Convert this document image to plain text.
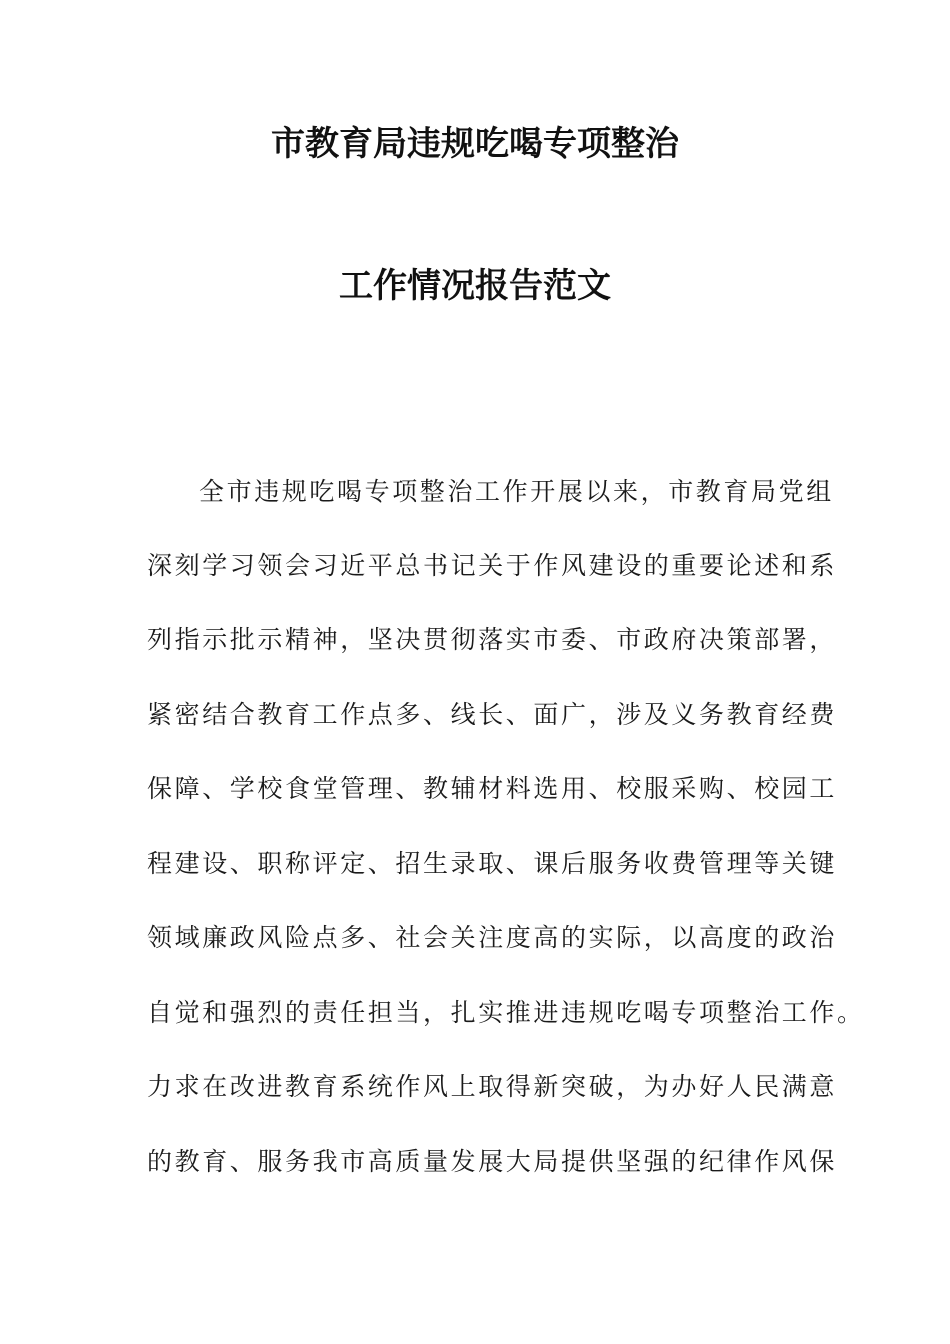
市教育局违规吃喝专项整治
工作情况报告范文

全市违规吃喝专项整治工作开展以来，市教育局党组

深刻学习领会习近平总书记关于作风建设的重要论述和系

列指示批示精神，坚决贯彻落实市委、市政府决策部署，

紧密结合教育工作点多、线长、面广，涉及义务教育经费

保障、学校食堂管理、教辅材料选用、校服采购、校园工

程建设、职称评定、招生录取、课后服务收费管理等关键

领域廉政风险点多、社会关注度高的实际，以高度的政治

自觉和强烈的责任担当，扎实推进违规吃喝专项整治工作。

力求在改进教育系统作风上取得新突破，为办好人民满意

的教育、服务我市高质量发展大局提供坚强的纪律作风保
